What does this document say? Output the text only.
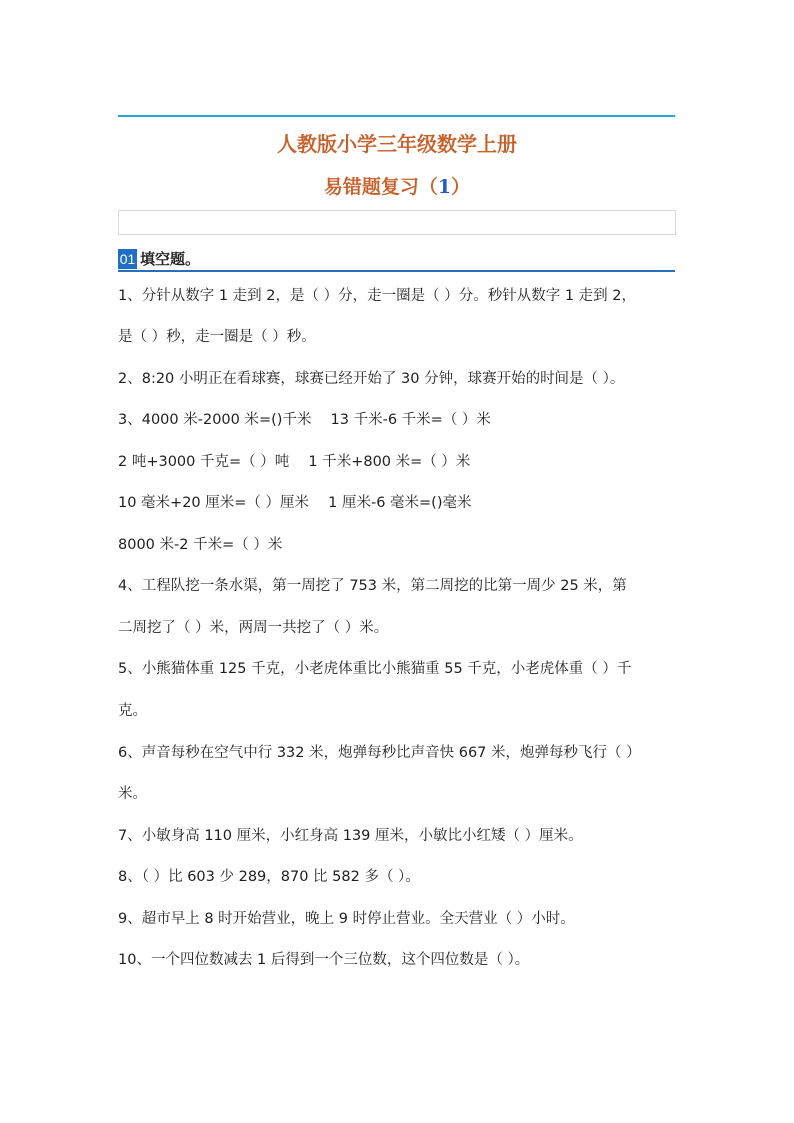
人教版小学三年级数学上册
易错题复习（1）
01 填空题。
1、分针从数字 1 走到 2，是（ ）分，走一圈是（ ）分。秒针从数字 1 走到 2，
是（ ）秒，走一圈是（ ）秒。
2、8:20 小明正在看球赛，球赛已经开始了 30 分钟，球赛开始的时间是（ ）。
3、4000 米-2000 米=()千米　 13 千米-6 千米=（ ）米
2 吨+3000 千克=（ ）吨　 1 千米+800 米=（ ）米
10 毫米+20 厘米=（ ）厘米　 1 厘米-6 毫米=()毫米
8000 米-2 千米=（ ）米
4、工程队挖一条水渠，第一周挖了 753 米，第二周挖的比第一周少 25 米，第
二周挖了（ ）米，两周一共挖了（ ）米。
5、小熊猫体重 125 千克，小老虎体重比小熊猫重 55 千克，小老虎体重（ ）千
克。
6、声音每秒在空气中行 332 米，炮弹每秒比声音快 667 米，炮弹每秒飞行（ ）
米。
7、小敏身高 110 厘米，小红身高 139 厘米，小敏比小红矮（ ）厘米。
8、（ ）比 603 少 289，870 比 582 多（ ）。
9、超市早上 8 时开始营业，晚上 9 时停止营业。全天营业（ ）小时。
10、一个四位数减去 1 后得到一个三位数，这个四位数是（ ）。
